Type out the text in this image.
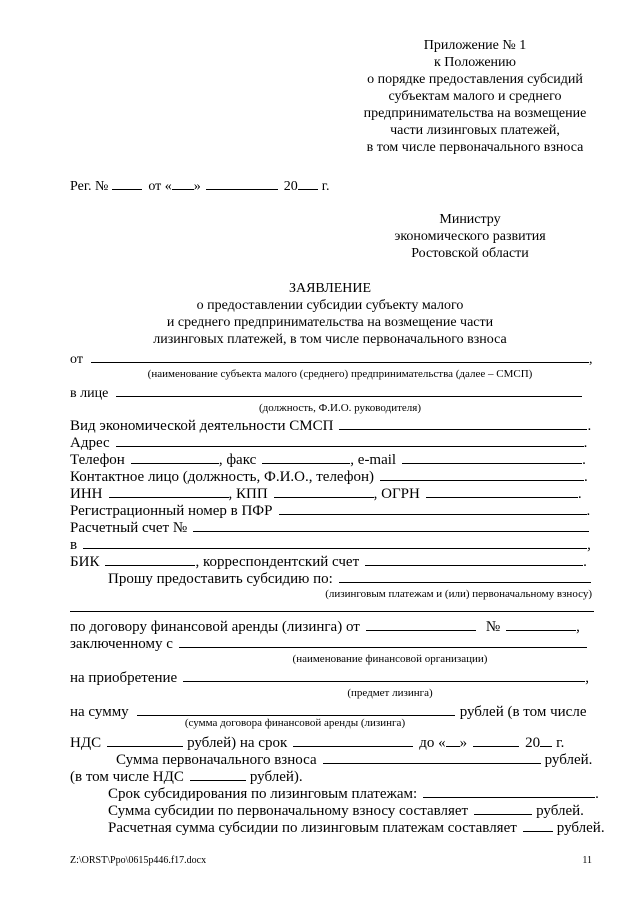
Приложение № 1
к Положению
о порядке предоставления субсидий
субъектам малого и среднего
предпринимательства на возмещение
части лизинговых платежей,
в том числе первоначального взноса
Рег. №	от « »	20 г.
Министру
экономического развития
Ростовской области
ЗАЯВЛЕНИЕ
о предоставлении субсидии субъекту малого
и среднего предпринимательства на возмещение части
лизинговых платежей, в том числе первоначального взноса
от	,
(наименование субъекта малого (среднего) предпринимательства (далее – СМСП)
в лице
(должность, Ф.И.О. руководителя)
Вид экономической деятельности СМСП	.
Адрес	.
Телефон	, факс	, e-mail	.
Контактное лицо (должность, Ф.И.О., телефон)	.
ИНН	, КПП	, ОГРН	.
Регистрационный номер в ПФР	.
Расчетный счет №
в	,
БИК	, корреспондентский счет	.
Прошу предоставить субсидию по:
(лизинговым платежам и (или) первоначальному взносу)
по договору финансовой аренды (лизинга) от	№	,
заключенному с
(наименование финансовой организации)
на приобретение	,
(предмет лизинга)
на сумму	рублей (в том числе
(сумма договора финансовой аренды (лизинга)
НДС	рублей) на срок	до « »	20 г.
Сумма первоначального взноса	рублей.
(в том числе НДС	рублей).
Срок субсидирования по лизинговым платежам:	.
Сумма субсидии по первоначальному взносу составляет	рублей.
Расчетная сумма субсидии по лизинговым платежам составляет	рублей.
Z:\ORST\Ppo\0615p446.f17.docx	11
